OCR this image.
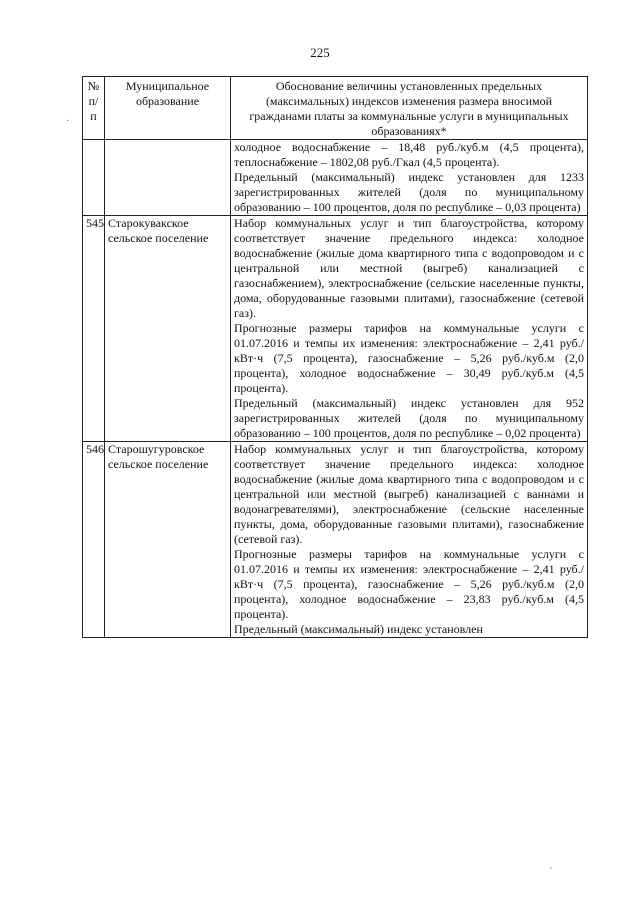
225
№
п/п	Муниципальное образование	Обоснование величины установленных предельных (максимальных) индексов изменения размера вносимой гражданами платы за коммунальные услуги в муниципальных образованиях*

		холодное водоснабжение – 18,48 руб./куб.м (4,5 процента), теплоснабжение – 1802,08 руб./Гкал (4,5 процента).
Предельный (максимальный) индекс установлен для 1233 зарегистрированных жителей (доля по муниципальному образованию – 100 процентов, доля по республике – 0,03 процента)

545	Старокувакское сельское поселение	Набор коммунальных услуг и тип благоустройства, которому соответствует значение предельного индекса: холодное водоснабжение (жилые дома квартирного типа с водопроводом и с центральной или местной (выгреб) канализацией с газоснабжением), электроснабжение (сельские населенные пункты, дома, оборудованные газовыми плитами), газоснабжение (сетевой газ).
Прогнозные размеры тарифов на коммунальные услуги с 01.07.2016 и темпы их изменения: электроснабжение – 2,41 руб./кВт·ч (7,5 процента), газоснабжение – 5,26 руб./куб.м (2,0 процента), холодное водоснабжение – 30,49 руб./куб.м (4,5 процента).
Предельный (максимальный) индекс установлен для 952 зарегистрированных жителей (доля по муниципальному образованию – 100 процентов, доля по республике – 0,02 процента)

546	Старошугуровское сельское поселение	Набор коммунальных услуг и тип благоустройства, которому соответствует значение предельного индекса: холодное водоснабжение (жилые дома квартирного типа с водопроводом и с центральной или местной (выгреб) канализацией с ваннами и водонагревателями), электроснабжение (сельские населенные пункты, дома, оборудованные газовыми плитами), газоснабжение (сетевой газ).
Прогнозные размеры тарифов на коммунальные услуги с 01.07.2016 и темпы их изменения: электроснабжение – 2,41 руб./кВт·ч (7,5 процента), газоснабжение – 5,26 руб./куб.м (2,0 процента), холодное водоснабжение – 23,83 руб./куб.м (4,5 процента).
Предельный (максимальный) индекс установлен
·
'
